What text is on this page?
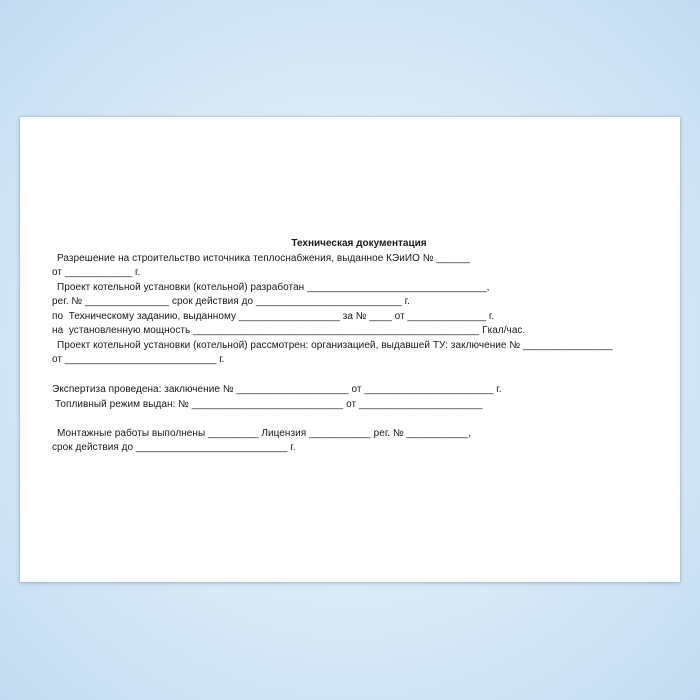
Техническая документация
Разрешение на строительство источника теплоснабжения, выданное КЭиИО № ______
от ____________ г.
Проект котельной установки (котельной) разработан ________________________________,
рег. № _______________ срок действия до __________________________ г.
по  Техническому заданию, выданному __________________ за № ____ от ______________ г.
на  установленную мощность ___________________________________________________ Гкал/час.
Проект котельной установки (котельной) рассмотрен: организацией, выдавшей ТУ: заключение № ________________
от ___________________________ г.
Экспертиза проведена: заключение № ____________________ от _______________________ г.
Топливный режим выдан: № ___________________________ от ______________________
Монтажные работы выполнены _________ Лицензия ___________ рег. № ___________,
срок действия до ___________________________ г.
